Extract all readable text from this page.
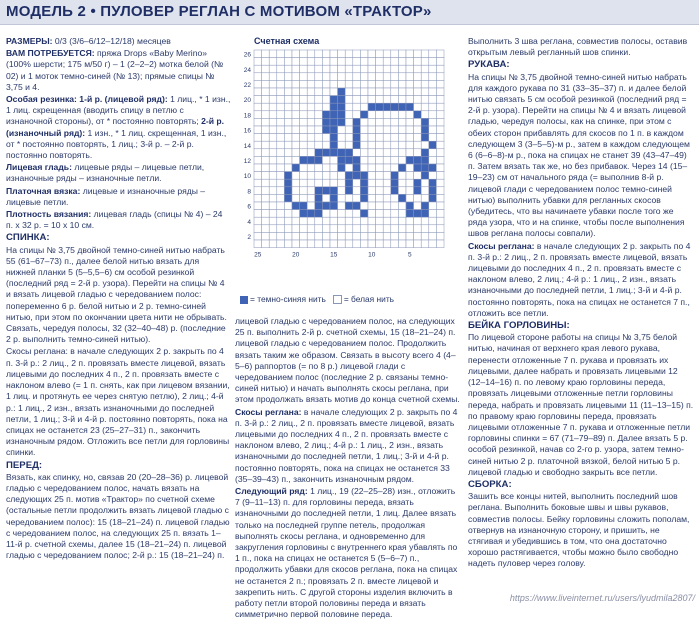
МОДЕЛЬ 2 • ПУЛОВЕР РЕГЛАН С МОТИВОМ «ТРАКТОР»

РАЗМЕРЫ: 0/3 (3/6–6/12–12/18) месяцев

ВАМ ПОТРЕБУЕТСЯ: пряжа Drops «Baby Merino» (100% шерсти; 175 м/50 г) – 1 (2–2–2) мотка белой (№ 02) и 1 моток темно-синей (№ 13); прямые спицы № 3,75 и 4.

Особая резинка: 1-й р. (лицевой ряд): 1 лиц., * 1 изн., 1 лиц. скрещенная (вводить спицу в петлю с изнаночной стороны), от * постоянно повторять; 2-й р. (изнаночный ряд): 1 изн., * 1 лиц. скрещенная, 1 изн., от * постоянно повторять, 1 лиц.; 3-й р. – 2-й р. постоянно повторять.

Лицевая гладь: лицевые ряды – лицевые петли, изнаночные ряды – изнаночные петли.

Платочная вязка: лицевые и изнаночные ряды – лицевые петли.

Плотность вязания: лицевая гладь (спицы № 4) – 24 п. х 32 р. = 10 х 10 см.

СПИНКА:

На спицы № 3,75 двойной темно-синей нитью набрать 55 (61–67–73) п., далее белой нитью вязать для нижней планки 5 (5–5,5–6) см особой резинкой (последний ряд = 2-й р. узора). Перейти на спицы № 4 и вязать лицевой гладью с чередованием полос: попеременно 6 р. белой нитью и 2 р. темно-синей нитью, при этом по окончании цвета нити не обрывать. Связать, чередуя полосы, 32 (32–40–48) р. (последние 2 р. выполнить темно-синей нитью).

Скосы реглана: в начале следующих 2 р. закрыть по 4 п. 3-й р.: 2 лиц., 2 п. провязать вместе лицевой, вязать лицевыми до последних 4 п., 2 п. провязать вместе с наклоном влево (= 1 п. снять, как при лицевом вязании, 1 лиц. и протянуть ее через снятую петлю), 2 лиц.; 4-й р.: 1 лиц., 2 изн., вязать изнаночными до последней петли, 1 лиц.; 3-й и 4-й р. постоянно повторять, пока на спицах не останется 23 (25–27–31) п., закончить изнаночным рядом. Отложить все петли для горловины спинки.

ПЕРЕД:

Вязать, как спинку, но, связав 20 (20–28–36) р. лицевой гладью с чередованием полос, начать вязать на следующих 25 п. мотив «Трактор» по счетной схеме (остальные петли продолжить вязать лицевой гладью с чередованием полос): 15 (18–21–24) п. лицевой гладью с чередованием полос, на следующих 25 п. вязать 1–11-й р. счетной схемы, далее 15 (18–21–24) п. лицевой гладью с чередованием полос; 2-й р.: 15 (18–21–24) п.

Счетная схема
26
24
22
20
18
16
14
12
10
8
6
4
2
25	20	15	10	5
= темно-синяя нить = белая нить

лицевой гладью с чередованием полос, на следующих 25 п. выполнить 2-й р. счетной схемы, 15 (18–21–24) п. лицевой гладью с чередованием полос. Продолжить вязать таким же образом. Связать в высоту всего 4 (4–5–6) раппортов (= по 8 р.) лицевой глади с чередованием полос (последние 2 р. связаны темно-синей нитью) и начать выполнять скосы реглана, при этом продолжать вязать мотив до конца счетной схемы.

Скосы реглана: в начале следующих 2 р. закрыть по 4 п. 3-й р.: 2 лиц., 2 п. провязать вместе лицевой, вязать лицевыми до последних 4 п., 2 п. провязать вместе с наклоном влево, 2 лиц.; 4-й р.: 1 лиц., 2 изн., вязать изнаночными до последней петли, 1 лиц.; 3-й и 4-й р. постоянно повторять, пока на спицах не останется 33 (35–39–43) п., закончить изнаночным рядом.

Следующий ряд: 1 лиц., 19 (22–25–28) изн., отложить 7 (9–11–13) п. для горловины переда, вязать изнаночными до последней петли, 1 лиц. Далее вязать только на последней группе петель, продолжая выполнять скосы реглана, и одновременно для закругления горловины с внутреннего края убавлять по 1 п., пока на спицах не останется 5 (5–6–7) п., продолжить убавки для скосов реглана, пока на спицах не останется 2 п.; провязать 2 п. вместе лицевой и закрепить нить. С другой стороны изделия включить в работу петли второй половины переда и вязать симметрично первой половине переда.

Выполнить 3 шва реглана, совместив полосы, оставив открытым левый регланный шов спинки.

РУКАВА:

На спицы № 3,75 двойной темно-синей нитью набрать для каждого рукава по 31 (33–35–37) п. и далее белой нитью связать 5 см особой резинкой (последний ряд = 2-й р. узора). Перейти на спицы № 4 и вязать лицевой гладью, чередуя полосы, как на спинке, при этом с обеих сторон прибавлять для скосов по 1 п. в каждом следующем 3 (3–5–5)-м р., затем в каждом следующем 6 (6–6–8)-м р., пока на спицах не станет 39 (43–47–49) п. Затем вязать так же, но без прибавок. Через 14 (15–19–23) см от начального ряда (= выполнив 8-й р. лицевой глади с чередованием полос темно-синей нитью) выполнить убавки для регланных скосов (убедитесь, что вы начинаете убавки после того же ряда узора, что и на спинке, чтобы после выполнения швов реглана полосы совпали).

Скосы реглана: в начале следующих 2 р. закрыть по 4 п. 3-й р.: 2 лиц., 2 п. провязать вместе лицевой, вязать лицевыми до последних 4 п., 2 п. провязать вместе с наклоном влево, 2 лиц.; 4-й р.: 1 лиц., 2 изн., вязать изнаночными до последней петли, 1 лиц.; 3-й и 4-й р. постоянно повторять, пока на спицах не останется 7 п., отложить все петли.

БЕЙКА ГОРЛОВИНЫ:

По лицевой стороне работы на спицы № 3,75 белой нитью, начиная от верхнего края левого рукава, перенести отложенные 7 п. рукава и провязать их лицевыми, далее набрать и провязать лицевыми 12 (12–14–16) п. по левому краю горловины переда, провязать лицевыми отложенные петли горловины переда, набрать и провязать лицевыми 11 (11–13–15) п. по правому краю горловины переда, провязать лицевыми отложенные 7 п. рукава и отложенные петли горловины спинки = 67 (71–79–89) п. Далее вязать 5 р. особой резинкой, начав со 2-го р. узора, затем темно-синей нитью 2 р. платочной вязкой, белой нитью 5 р. лицевой гладью и свободно закрыть все петли.

СБОРКА:

Зашить все концы нитей, выполнить последний шов реглана. Выполнить боковые швы и швы рукавов, совместив полосы. Бейку горловины сложить пополам, отвернув на изнаночную сторону, и пришить, не стягивая и убедившись в том, что она достаточно хорошо растягивается, чтобы можно было свободно надеть пуловер через голову.

https://www.liveinternet.ru/users/lyudmila2807/
